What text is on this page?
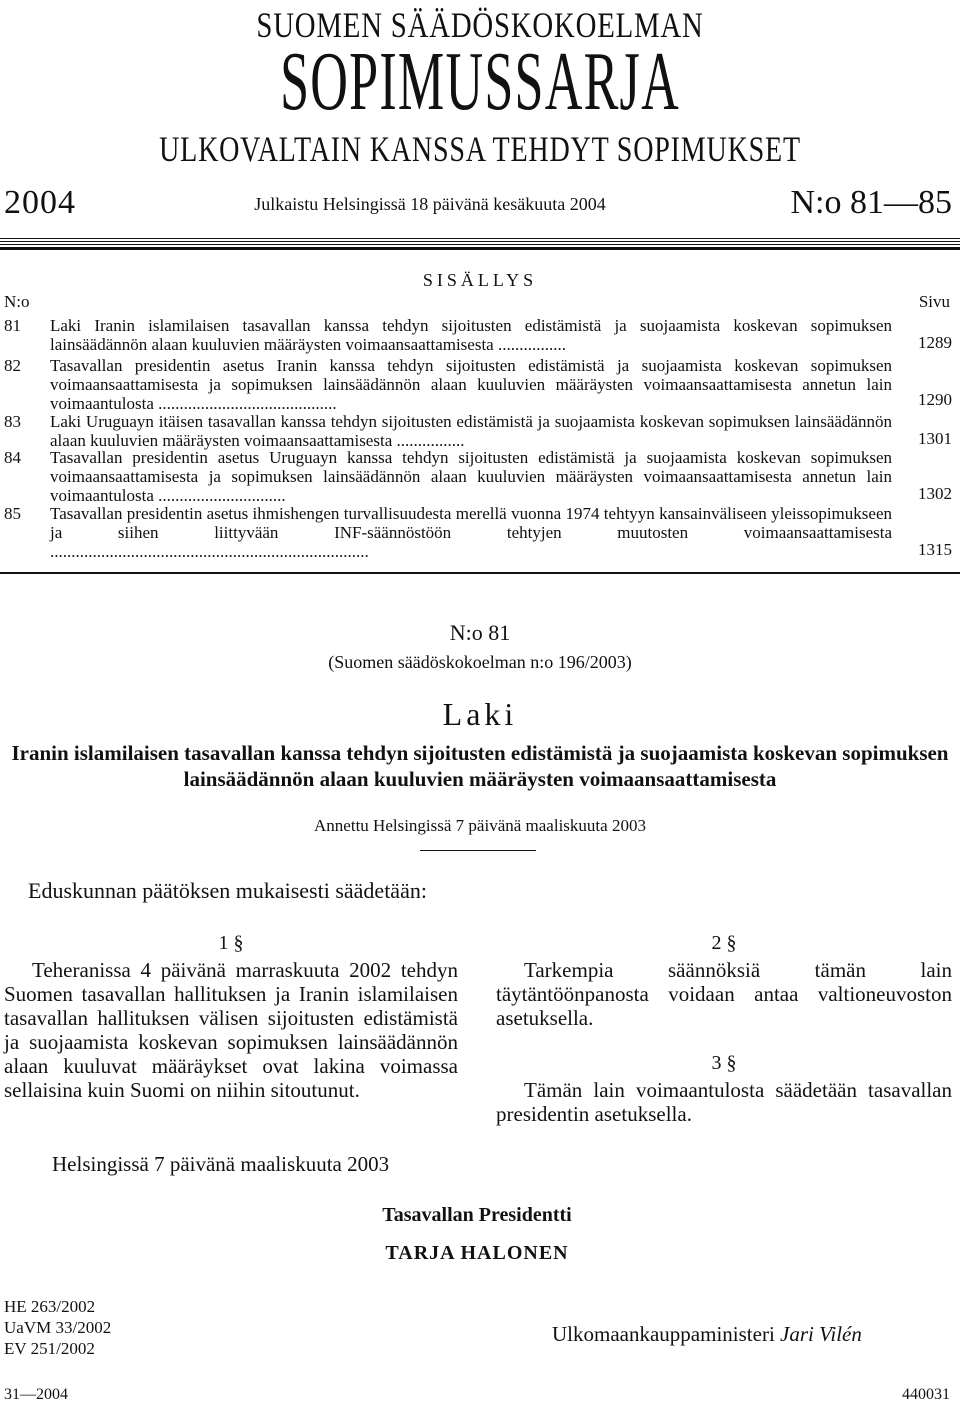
SUOMEN SÄÄDÖSKOKOELMAN
SOPIMUSSARJA
ULKOVALTAIN KANSSA TEHDYT SOPIMUKSET
2004	Julkaistu Helsingissä 18 päivänä kesäkuuta 2004	N:o 81—85
SISÄLLYS
N:o	Sivu
81	Laki Iranin islamilaisen tasavallan kanssa tehdyn sijoitusten edistämistä ja suojaamista koskevan sopimuksen lainsäädännön alaan kuuluvien määräysten voimaansaattamisesta ................	1289
82	Tasavallan presidentin asetus Iranin kanssa tehdyn sijoitusten edistämistä ja suojaamista koskevan sopimuksen voimaansaattamisesta ja sopimuksen lainsäädännön alaan kuuluvien määräysten voimaansaattamisesta annetun lain voimaantulosta ..........................................	1290
83	Laki Uruguayn itäisen tasavallan kanssa tehdyn sijoitusten edistämistä ja suojaamista koskevan sopimuksen lainsäädännön alaan kuuluvien määräysten voimaansaattamisesta ................	1301
84	Tasavallan presidentin asetus Uruguayn kanssa tehdyn sijoitusten edistämistä ja suojaamista koskevan sopimuksen voimaansaattamisesta ja sopimuksen lainsäädännön alaan kuuluvien määräysten voimaansaattamisesta annetun lain voimaantulosta ..............................	1302
85	Tasavallan presidentin asetus ihmishengen turvallisuudesta merellä vuonna 1974 tehtyyn kansainväliseen yleissopimukseen ja siihen liittyvään INF-säännöstöön tehtyjen muutosten voimaansaattamisesta ...........................................................................	1315
N:o 81
(Suomen säädöskokoelman n:o 196/2003)
Laki
Iranin islamilaisen tasavallan kanssa tehdyn sijoitusten edistämistä ja suojaamista koskevan sopimuksen lainsäädännön alaan kuuluvien määräysten voimaansaattamisesta
Annettu Helsingissä 7 päivänä maaliskuuta 2003
Eduskunnan päätöksen mukaisesti säädetään:
1 §
Teheranissa 4 päivänä marraskuuta 2002 tehdyn Suomen tasavallan hallituksen ja Iranin islamilaisen tasavallan hallituksen välisen sijoitusten edistämistä ja suojaamista koskevan sopimuksen lainsäädännön alaan kuuluvat määräykset ovat lakina voimassa sellaisina kuin Suomi on niihin sitoutunut.
2 §
Tarkempia säännöksiä tämän lain täytäntöönpanosta voidaan antaa valtioneuvoston asetuksella.
3 §
Tämän lain voimaantulosta säädetään tasavallan presidentin asetuksella.
Helsingissä 7 päivänä maaliskuuta 2003
Tasavallan Presidentti
TARJA HALONEN
HE 263/2002
UaVM 33/2002
EV 251/2002
Ulkomaankauppaministeri Jari Vilén
31—2004	440031
